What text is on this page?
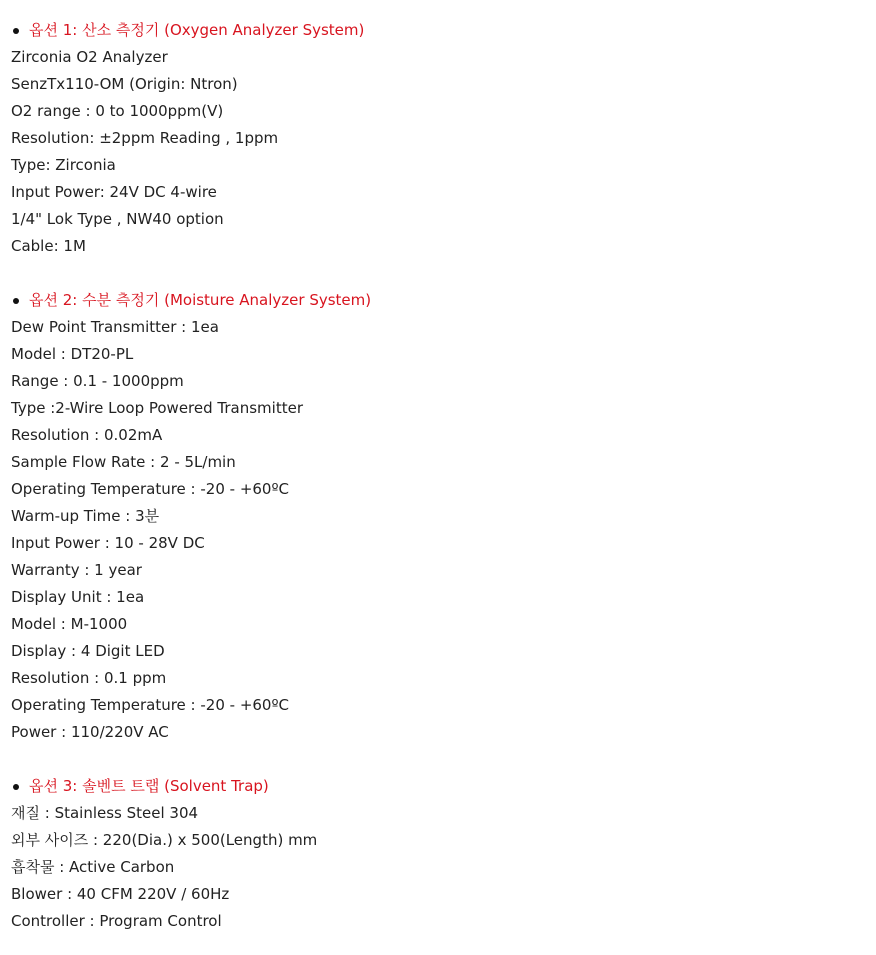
옵션 1: 산소 측정기 (Oxygen Analyzer System)
Zirconia O2 Analyzer
SenzTx110-OM (Origin: Ntron)
O2 range : 0 to 1000ppm(V)
Resolution: ±2ppm Reading , 1ppm
Type: Zirconia
Input Power: 24V DC 4-wire
1/4" Lok Type , NW40 option
Cable: 1M
옵션 2: 수분 측정기 (Moisture Analyzer System)
Dew Point Transmitter : 1ea
Model : DT20-PL
Range : 0.1 - 1000ppm
Type :2-Wire Loop Powered Transmitter
Resolution : 0.02mA
Sample Flow Rate : 2 - 5L/min
Operating Temperature : -20 - +60ºC
Warm-up Time : 3분
Input Power : 10 - 28V DC
Warranty : 1 year
Display Unit : 1ea
Model : M-1000
Display : 4 Digit LED
Resolution : 0.1 ppm
Operating Temperature : -20 - +60ºC
Power : 110/220V AC
옵션 3: 솔벤트 트랩 (Solvent Trap)
재질 : Stainless Steel 304
외부 사이즈 : 220(Dia.) x 500(Length) mm
흡착물 : Active Carbon
Blower : 40 CFM 220V / 60Hz
Controller : Program Control
